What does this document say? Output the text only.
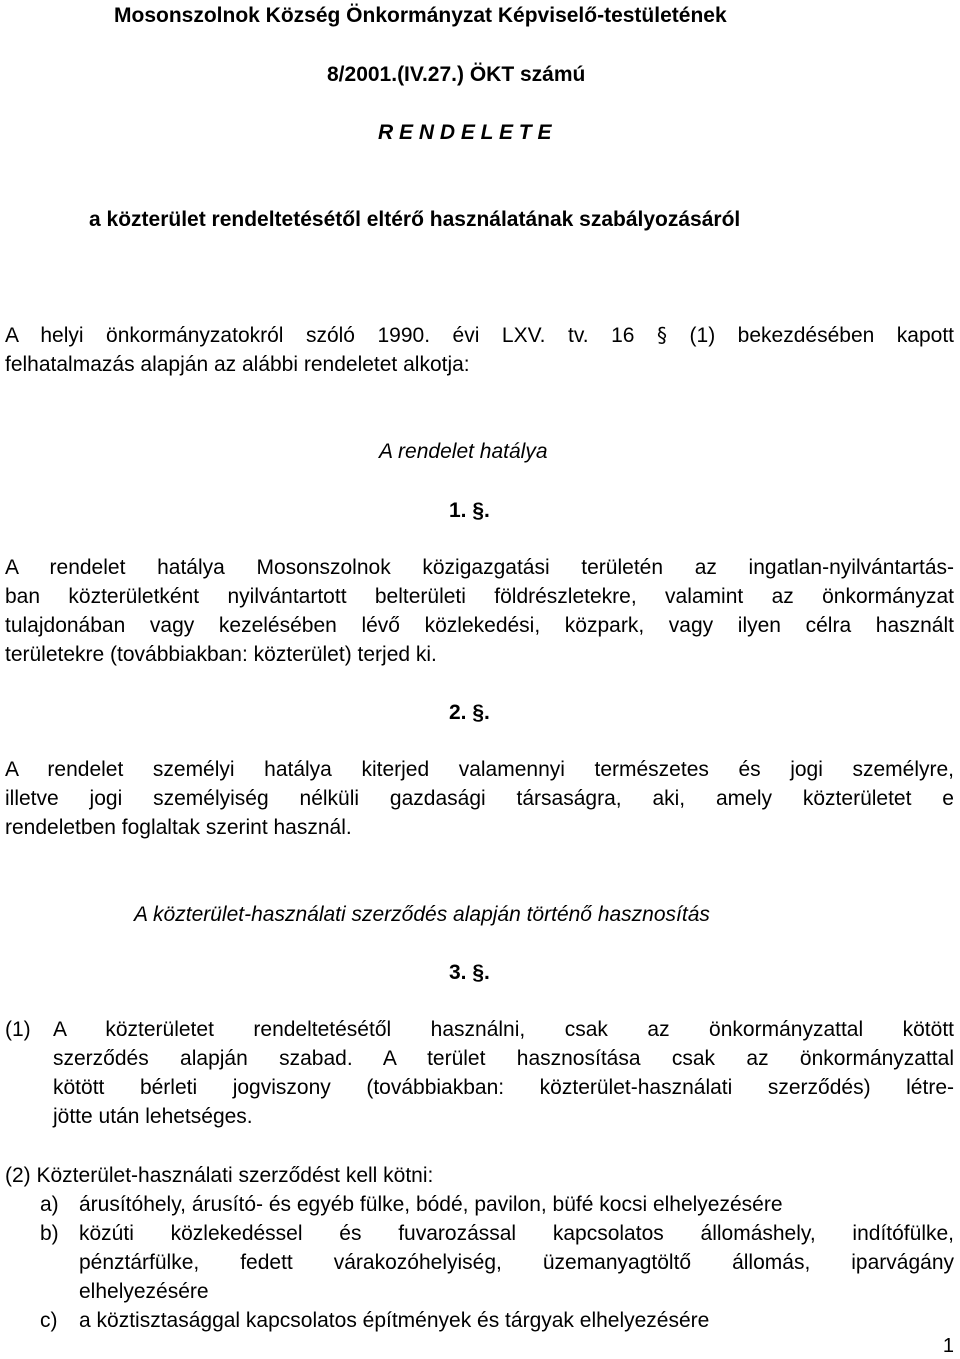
Mosonszolnok Község Önkormányzat Képviselő-testületének
8/2001.(IV.27.) ÖKT számú
R E N D E L E T E
a közterület rendeltetésétől eltérő használatának szabályozásáról
A helyi önkormányzatokról szóló 1990. évi LXV. tv. 16 § (1) bekezdésében kapott
felhatalmazás alapján az alábbi rendeletet alkotja:
A rendelet hatálya
1. §.
A rendelet hatálya Mosonszolnok közigazgatási területén az ingatlan-nyilvántartás-
ban közterületként nyilvántartott belterületi földrészletekre, valamint az önkormányzat
tulajdonában vagy kezelésében lévő közlekedési, közpark, vagy ilyen célra használt
területekre (továbbiakban: közterület) terjed ki.
2. §.
A rendelet személyi hatálya kiterjed valamennyi természetes és jogi személyre,
illetve jogi személyiség nélküli gazdasági társaságra, aki, amely közterületet e
rendeletben foglaltak szerint használ.
A közterület-használati szerződés alapján történő hasznosítás
3. §.
(1) A közterületet rendeltetésétől használni, csak az önkormányzattal kötött
szerződés alapján szabad. A terület hasznosítása csak az önkormányzattal
kötött bérleti jogviszony (továbbiakban: közterület-használati szerződés) létre-
jötte után lehetséges.
(2) Közterület-használati szerződést kell kötni:
a) árusítóhely, árusító- és egyéb fülke, bódé, pavilon, büfé kocsi elhelyezésére
b) közúti közlekedéssel és fuvarozással kapcsolatos állomáshely, indítófülke,
pénztárfülke, fedett várakozóhelyiség, üzemanyagtöltő állomás, iparvágány
elhelyezésére
c) a köztisztasággal kapcsolatos építmények és tárgyak elhelyezésére
1
